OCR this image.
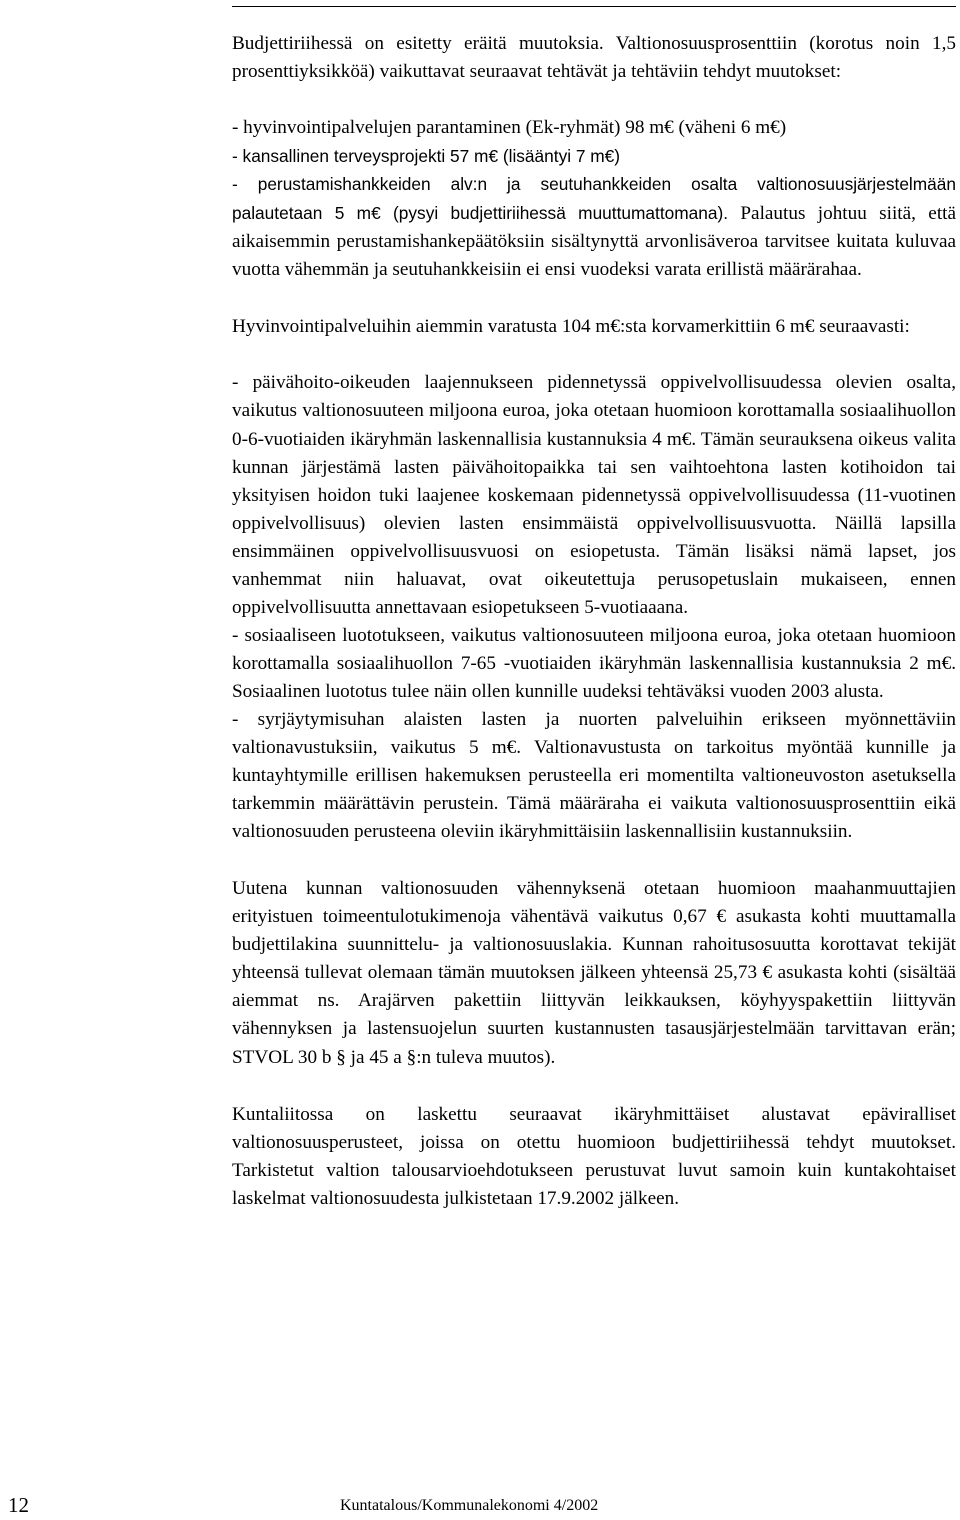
Budjettiriihessä on esitetty eräitä muutoksia. Valtionosuusprosenttiin (korotus noin 1,5 prosenttiyksikköä) vaikuttavat seuraavat tehtävät ja tehtäviin tehdyt muutokset:

- hyvinvointipalvelujen parantaminen (Ek-ryhmät) 98 m€ (väheni 6 m€)

- kansallinen terveysprojekti 57 m€ (lisääntyi 7 m€)

- perustamishankkeiden alv:n ja seutuhankkeiden osalta valtionosuusjärjestelmään palautetaan 5 m€ (pysyi budjettiriihessä muuttumattomana). Palautus johtuu siitä, että aikaisemmin perustamishankepäätöksiin sisältynyttä arvonlisäveroa tarvitsee kuitata kuluvaa vuotta vähemmän ja seutuhankkeisiin ei ensi vuodeksi varata erillistä määrärahaa.

Hyvinvointipalveluihin aiemmin varatusta 104 m€:sta korvamerkittiin 6 m€ seuraavasti:

- päivähoito-oikeuden laajennukseen pidennetyssä oppivelvollisuudessa olevien osalta, vaikutus valtionosuuteen miljoona euroa, joka otetaan huomioon korottamalla sosiaalihuollon 0-6-vuotiaiden ikäryhmän laskennallisia kustannuksia 4 m€. Tämän seurauksena oikeus valita kunnan järjestämä lasten päivähoitopaikka tai sen vaihtoehtona lasten kotihoidon tai yksityisen hoidon tuki laajenee koskemaan pidennetyssä oppivelvollisuudessa (11-vuotinen oppivelvollisuus) olevien lasten ensimmäistä oppivelvollisuusvuotta. Näillä lapsilla ensimmäinen oppivelvollisuusvuosi on esiopetusta. Tämän lisäksi nämä lapset, jos vanhemmat niin haluavat, ovat oikeutettuja perusopetuslain mukaiseen, ennen oppivelvollisuutta annettavaan esiopetukseen 5-vuotiaaana.

- sosiaaliseen luototukseen, vaikutus valtionosuuteen miljoona euroa, joka otetaan huomioon korottamalla sosiaalihuollon 7-65 -vuotiaiden ikäryhmän laskennallisia kustannuksia 2 m€. Sosiaalinen luototus tulee näin ollen kunnille uudeksi tehtäväksi vuoden 2003 alusta.

- syrjäytymisuhan alaisten lasten ja nuorten palveluihin erikseen myönnettäviin valtionavustuksiin, vaikutus 5 m€. Valtionavustusta on tarkoitus myöntää kunnille ja kuntayhtymille erillisen hakemuksen perusteella eri momentilta valtioneuvoston asetuksella tarkemmin määrättävin perustein. Tämä määräraha ei vaikuta valtionosuusprosenttiin eikä valtionosuuden perusteena oleviin ikäryhmittäisiin laskennallisiin kustannuksiin.

Uutena kunnan valtionosuuden vähennyksenä otetaan huomioon maahanmuuttajien erityistuen toimeentulotukimenoja vähentävä vaikutus 0,67 € asukasta kohti muuttamalla budjettilakina suunnittelu- ja valtionosuuslakia. Kunnan rahoitusosuutta korottavat tekijät yhteensä tullevat olemaan tämän muutoksen jälkeen yhteensä 25,73 € asukasta kohti (sisältää aiemmat ns. Arajärven pakettiin liittyvän leikkauksen, köyhyyspakettiin liittyvän vähennyksen ja lastensuojelun suurten kustannusten tasausjärjestelmään tarvittavan erän; STVOL 30 b § ja 45 a §:n tuleva muutos).

Kuntaliitossa on laskettu seuraavat ikäryhmittäiset alustavat epäviralliset valtionosuusperusteet, joissa on otettu huomioon budjettiriihessä tehdyt muutokset. Tarkistetut valtion talousarvioehdotukseen perustuvat luvut samoin kuin kuntakohtaiset laskelmat valtionosuudesta julkistetaan 17.9.2002 jälkeen.

12	Kuntatalous/Kommunalekonomi 4/2002
